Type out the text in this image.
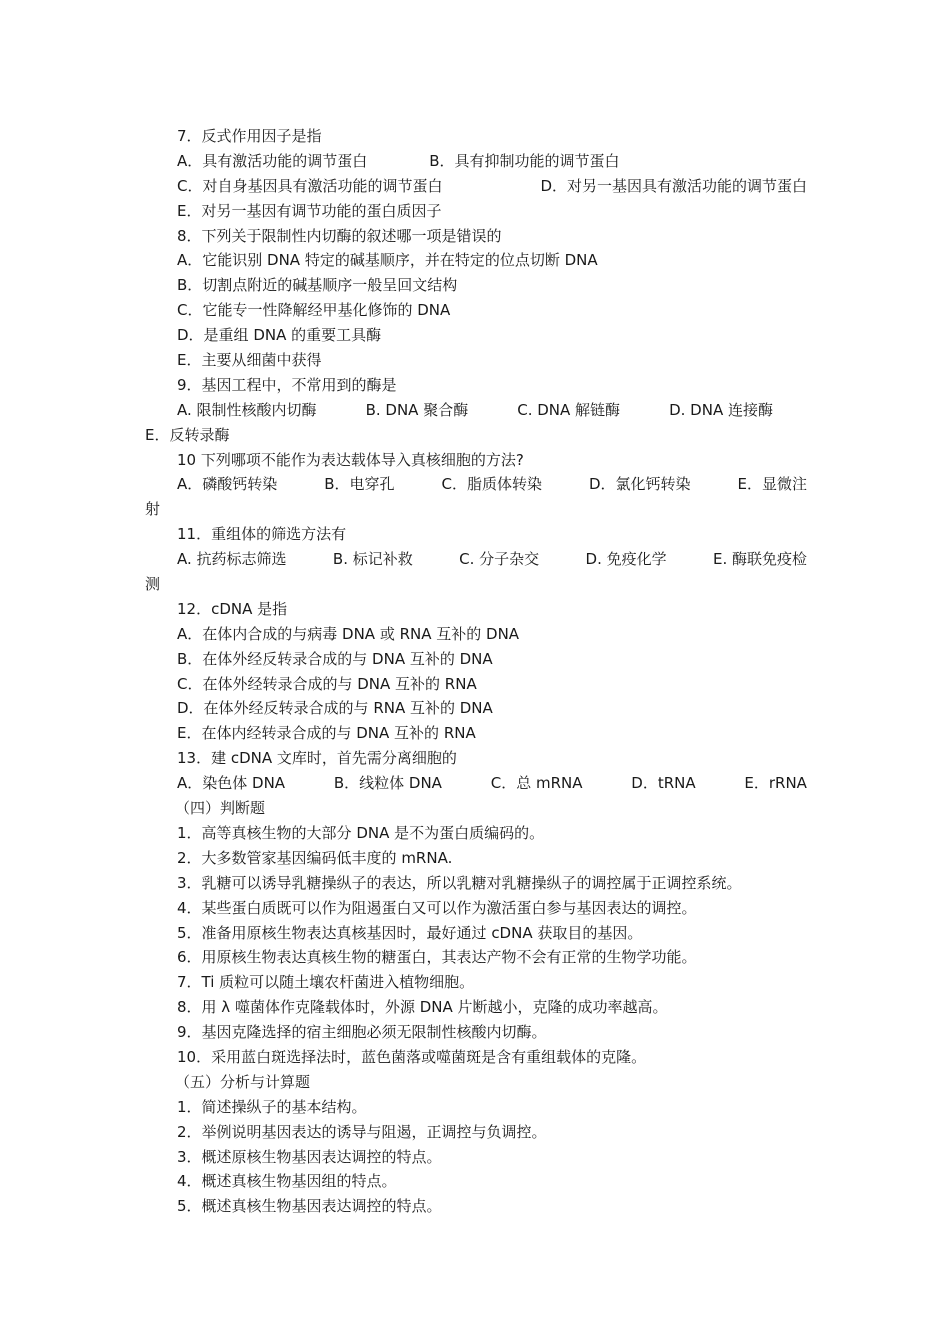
7．反式作用因子是指
A．具有激活功能的调节蛋白	B．具有抑制功能的调节蛋白
C．对自身基因具有激活功能的调节蛋白	D．对另一基因具有激活功能的调节蛋白
E．对另一基因有调节功能的蛋白质因子
8．下列关于限制性内切酶的叙述哪一项是错误的
A．它能识别 DNA 特定的碱基顺序，并在特定的位点切断 DNA
B．切割点附近的碱基顺序一般呈回文结构
C．它能专一性降解经甲基化修饰的 DNA
D．是重组 DNA 的重要工具酶
E．主要从细菌中获得
9．基因工程中，不常用到的酶是
A. 限制性核酸内切酶	B. DNA 聚合酶	C. DNA 解链酶	D. DNA 连接酶
E．反转录酶
10 下列哪项不能作为表达载体导入真核细胞的方法?
A．磷酸钙转染	B．电穿孔	C．脂质体转染	D．氯化钙转染	E．显微注
射
11．重组体的筛选方法有
A. 抗药标志筛选	B. 标记补救	C. 分子杂交	D. 免疫化学	E. 酶联免疫检
测
12．cDNA 是指
A．在体内合成的与病毒 DNA 或 RNA 互补的 DNA
B．在体外经反转录合成的与 DNA 互补的 DNA
C．在体外经转录合成的与 DNA 互补的 RNA
D．在体外经反转录合成的与 RNA 互补的 DNA
E．在体内经转录合成的与 DNA 互补的 RNA
13．建 cDNA 文库时，首先需分离细胞的
A．染色体 DNA	B．线粒体 DNA	C．总 mRNA	D．tRNA	E．rRNA
（四）判断题
1．高等真核生物的大部分 DNA 是不为蛋白质编码的。
2．大多数管家基因编码低丰度的 mRNA.
3．乳糖可以诱导乳糖操纵子的表达，所以乳糖对乳糖操纵子的调控属于正调控系统。
4．某些蛋白质既可以作为阻遏蛋白又可以作为激活蛋白参与基因表达的调控。
5．准备用原核生物表达真核基因时，最好通过 cDNA 获取目的基因。
6．用原核生物表达真核生物的糖蛋白，其表达产物不会有正常的生物学功能。
7．Ti 质粒可以随土壤农杆菌进入植物细胞。
8．用 λ 噬菌体作克隆载体时，外源 DNA 片断越小，克隆的成功率越高。
9．基因克隆选择的宿主细胞必须无限制性核酸内切酶。
10．采用蓝白斑选择法时，蓝色菌落或噬菌斑是含有重组载体的克隆。
（五）分析与计算题
1．简述操纵子的基本结构。
2．举例说明基因表达的诱导与阻遏，正调控与负调控。
3．概述原核生物基因表达调控的特点。
4．概述真核生物基因组的特点。
5．概述真核生物基因表达调控的特点。
